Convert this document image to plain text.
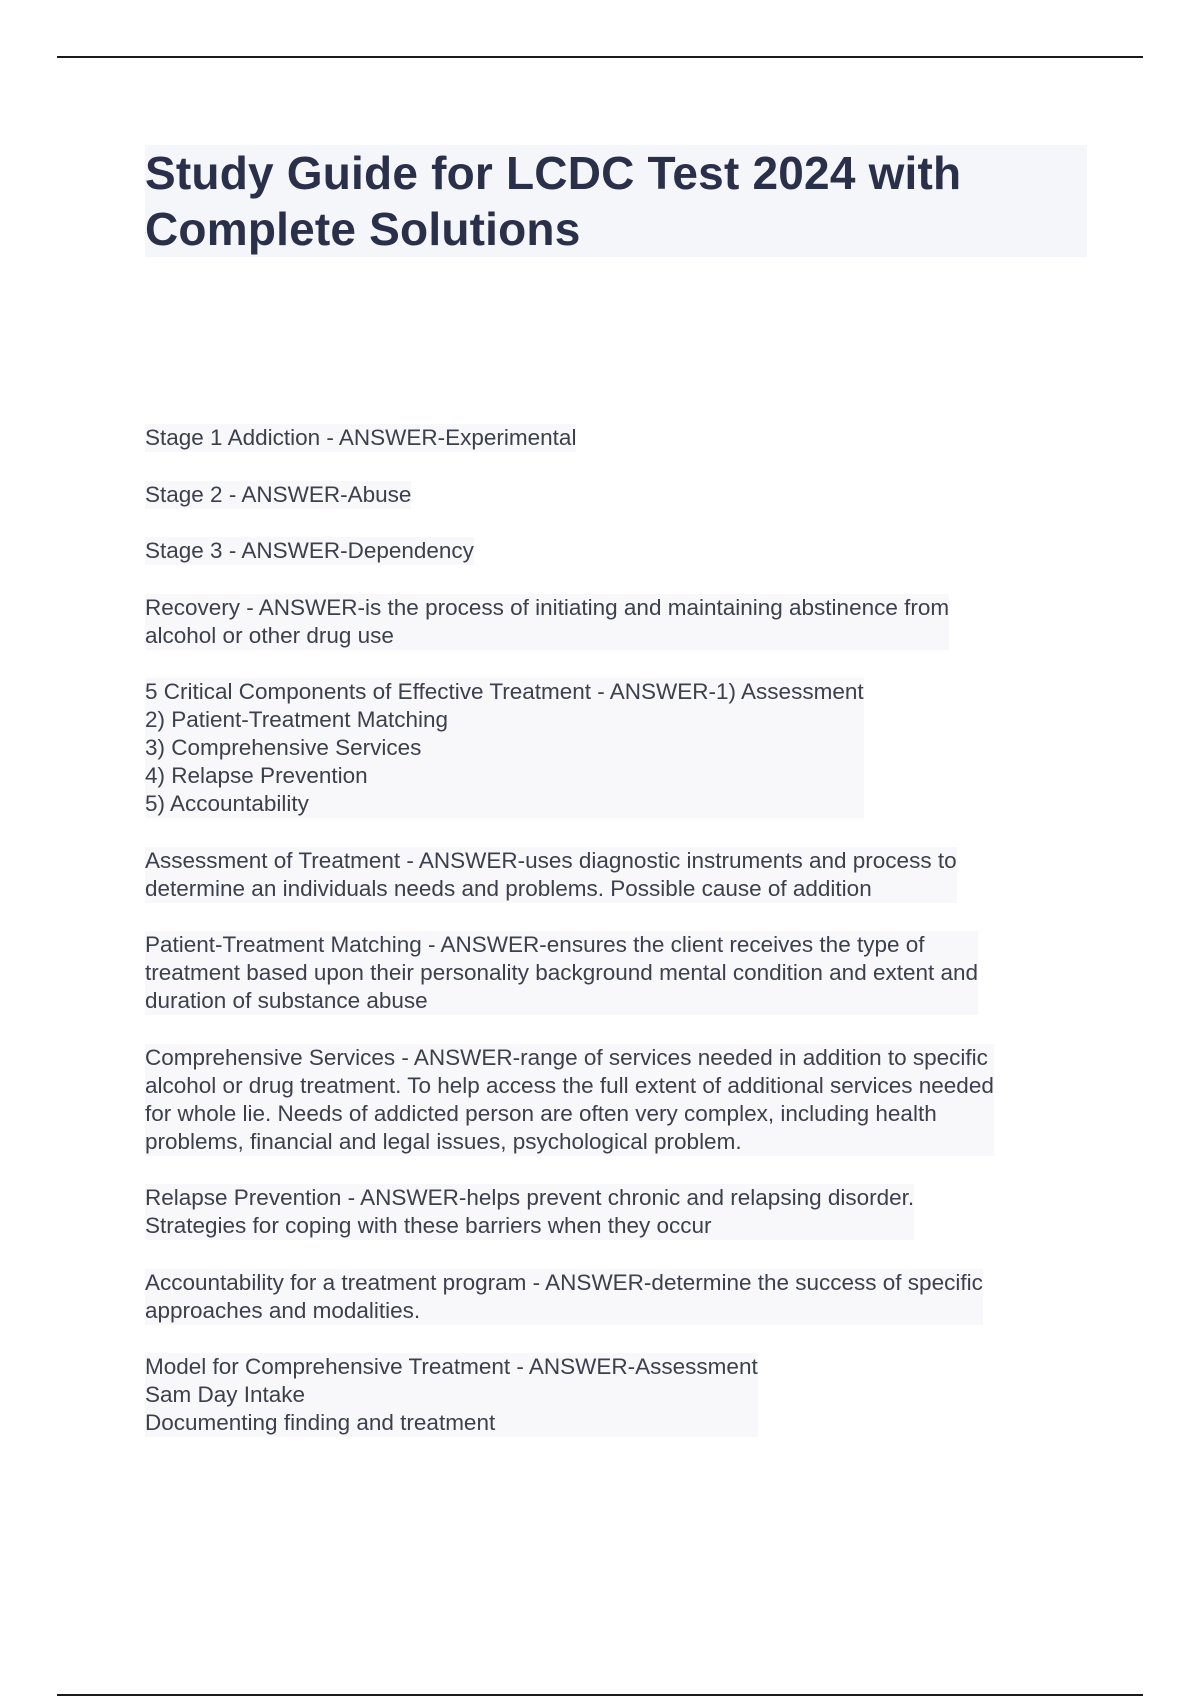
Study Guide for LCDC Test 2024 with
Complete Solutions
Stage 1 Addiction - ANSWER-Experimental
Stage 2 - ANSWER-Abuse
Stage 3 - ANSWER-Dependency
Recovery - ANSWER-is the process of initiating and maintaining abstinence from
alcohol or other drug use
5 Critical Components of Effective Treatment - ANSWER-1) Assessment
2) Patient-Treatment Matching
3) Comprehensive Services
4) Relapse Prevention
5) Accountability
Assessment of Treatment - ANSWER-uses diagnostic instruments and process to
determine an individuals needs and problems. Possible cause of addition
Patient-Treatment Matching - ANSWER-ensures the client receives the type of
treatment based upon their personality background mental condition and extent and
duration of substance abuse
Comprehensive Services - ANSWER-range of services needed in addition to specific
alcohol or drug treatment. To help access the full extent of additional services needed
for whole lie. Needs of addicted person are often very complex, including health
problems, financial and legal issues, psychological problem.
Relapse Prevention - ANSWER-helps prevent chronic and relapsing disorder.
Strategies for coping with these barriers when they occur
Accountability for a treatment program - ANSWER-determine the success of specific
approaches and modalities.
Model for Comprehensive Treatment - ANSWER-Assessment
Sam Day Intake
Documenting finding and treatment
